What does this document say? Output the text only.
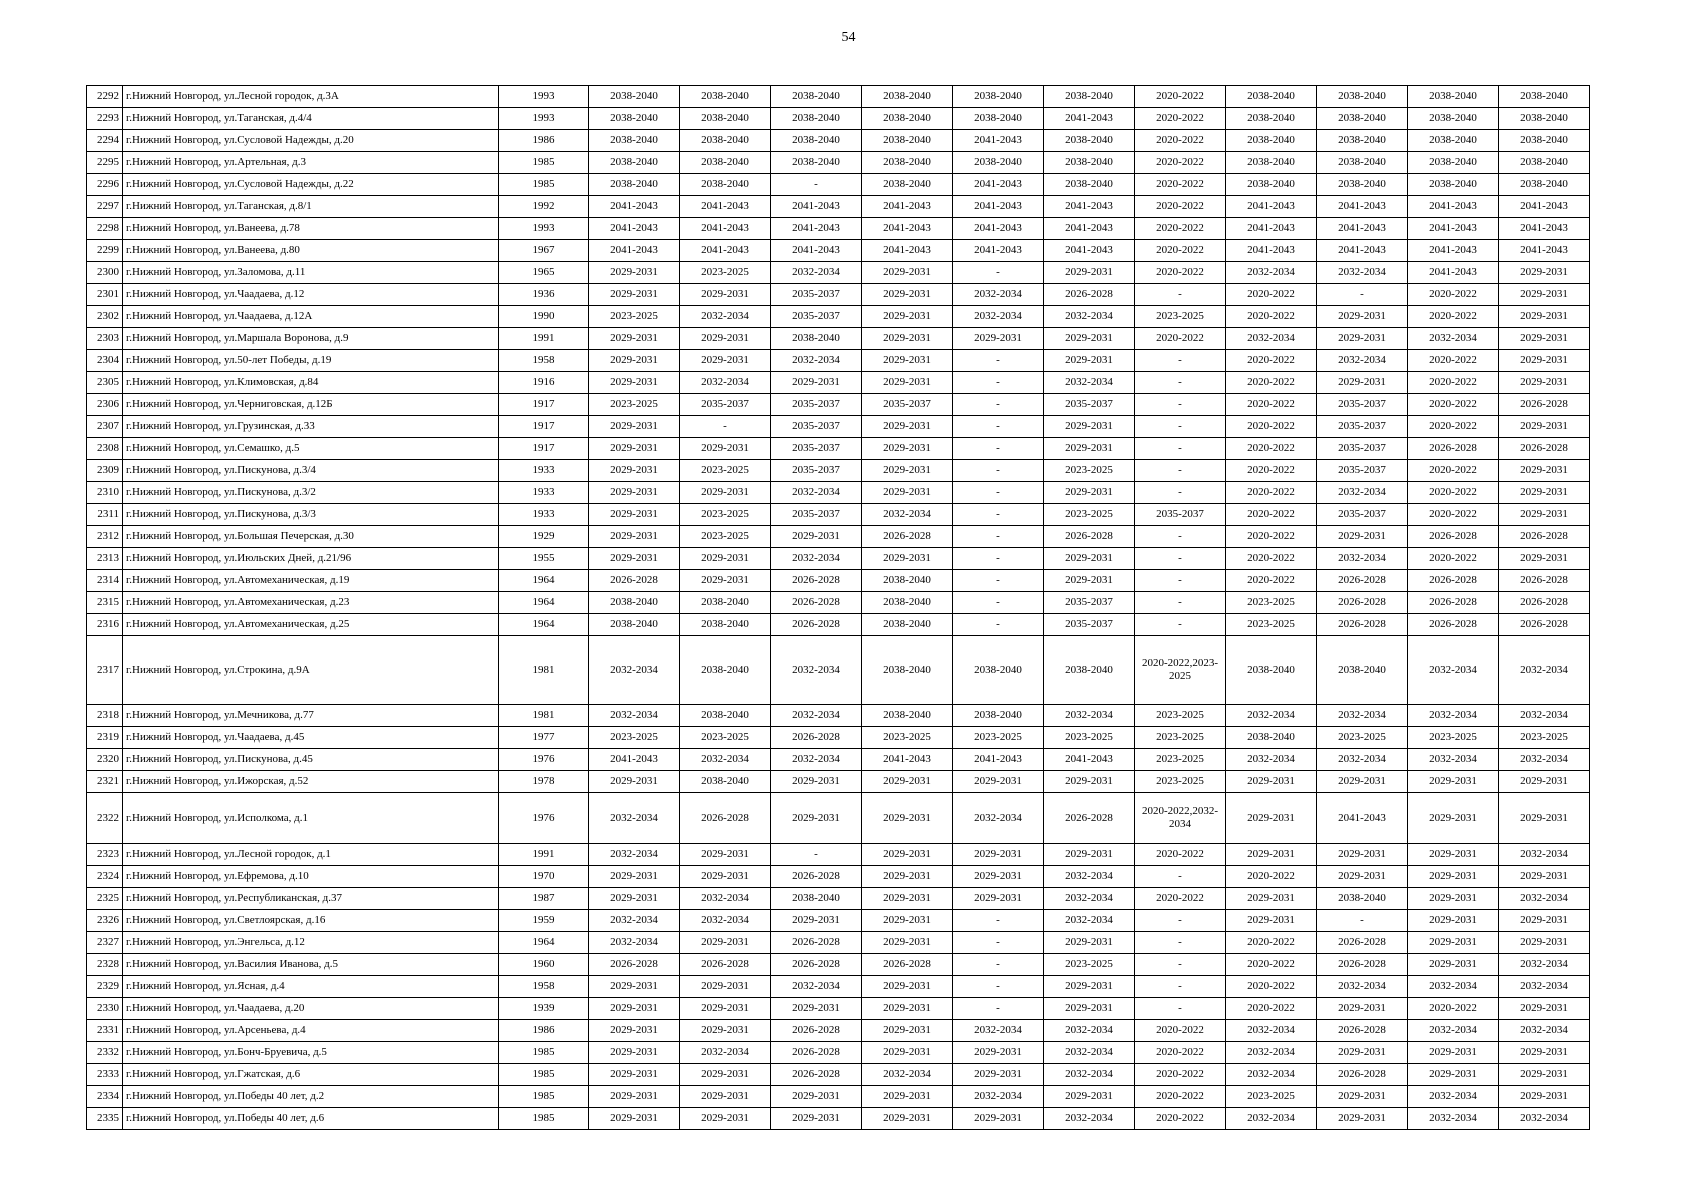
54
2292	г.Нижний Новгород, ул.Лесной городок, д.3А	1993	2038-2040	2038-2040	2038-2040	2038-2040	2038-2040	2038-2040	2020-2022	2038-2040	2038-2040	2038-2040	2038-2040
2293	г.Нижний Новгород, ул.Таганская, д.4/4	1993	2038-2040	2038-2040	2038-2040	2038-2040	2038-2040	2041-2043	2020-2022	2038-2040	2038-2040	2038-2040	2038-2040
2294	г.Нижний Новгород, ул.Сусловой Надежды, д.20	1986	2038-2040	2038-2040	2038-2040	2038-2040	2041-2043	2038-2040	2020-2022	2038-2040	2038-2040	2038-2040	2038-2040
2295	г.Нижний Новгород, ул.Артельная, д.3	1985	2038-2040	2038-2040	2038-2040	2038-2040	2038-2040	2038-2040	2020-2022	2038-2040	2038-2040	2038-2040	2038-2040
2296	г.Нижний Новгород, ул.Сусловой Надежды, д.22	1985	2038-2040	2038-2040	-	2038-2040	2041-2043	2038-2040	2020-2022	2038-2040	2038-2040	2038-2040	2038-2040
2297	г.Нижний Новгород, ул.Таганская, д.8/1	1992	2041-2043	2041-2043	2041-2043	2041-2043	2041-2043	2041-2043	2020-2022	2041-2043	2041-2043	2041-2043	2041-2043
2298	г.Нижний Новгород, ул.Ванеева, д.78	1993	2041-2043	2041-2043	2041-2043	2041-2043	2041-2043	2041-2043	2020-2022	2041-2043	2041-2043	2041-2043	2041-2043
2299	г.Нижний Новгород, ул.Ванеева, д.80	1967	2041-2043	2041-2043	2041-2043	2041-2043	2041-2043	2041-2043	2020-2022	2041-2043	2041-2043	2041-2043	2041-2043
2300	г.Нижний Новгород, ул.Заломова, д.11	1965	2029-2031	2023-2025	2032-2034	2029-2031	-	2029-2031	2020-2022	2032-2034	2032-2034	2041-2043	2029-2031
2301	г.Нижний Новгород, ул.Чаадаева, д.12	1936	2029-2031	2029-2031	2035-2037	2029-2031	2032-2034	2026-2028	-	2020-2022	-	2020-2022	2029-2031
2302	г.Нижний Новгород, ул.Чаадаева, д.12А	1990	2023-2025	2032-2034	2035-2037	2029-2031	2032-2034	2032-2034	2023-2025	2020-2022	2029-2031	2020-2022	2029-2031
2303	г.Нижний Новгород, ул.Маршала Воронова, д.9	1991	2029-2031	2029-2031	2038-2040	2029-2031	2029-2031	2029-2031	2020-2022	2032-2034	2029-2031	2032-2034	2029-2031
2304	г.Нижний Новгород, ул.50-лет Победы, д.19	1958	2029-2031	2029-2031	2032-2034	2029-2031	-	2029-2031	-	2020-2022	2032-2034	2020-2022	2029-2031
2305	г.Нижний Новгород, ул.Климовская, д.84	1916	2029-2031	2032-2034	2029-2031	2029-2031	-	2032-2034	-	2020-2022	2029-2031	2020-2022	2029-2031
2306	г.Нижний Новгород, ул.Черниговская, д.12Б	1917	2023-2025	2035-2037	2035-2037	2035-2037	-	2035-2037	-	2020-2022	2035-2037	2020-2022	2026-2028
2307	г.Нижний Новгород, ул.Грузинская, д.33	1917	2029-2031	-	2035-2037	2029-2031	-	2029-2031	-	2020-2022	2035-2037	2020-2022	2029-2031
2308	г.Нижний Новгород, ул.Семашко, д.5	1917	2029-2031	2029-2031	2035-2037	2029-2031	-	2029-2031	-	2020-2022	2035-2037	2026-2028	2026-2028
2309	г.Нижний Новгород, ул.Пискунова, д.3/4	1933	2029-2031	2023-2025	2035-2037	2029-2031	-	2023-2025	-	2020-2022	2035-2037	2020-2022	2029-2031
2310	г.Нижний Новгород, ул.Пискунова, д.3/2	1933	2029-2031	2029-2031	2032-2034	2029-2031	-	2029-2031	-	2020-2022	2032-2034	2020-2022	2029-2031
2311	г.Нижний Новгород, ул.Пискунова, д.3/3	1933	2029-2031	2023-2025	2035-2037	2032-2034	-	2023-2025	2035-2037	2020-2022	2035-2037	2020-2022	2029-2031
2312	г.Нижний Новгород, ул.Большая Печерская, д.30	1929	2029-2031	2023-2025	2029-2031	2026-2028	-	2026-2028	-	2020-2022	2029-2031	2026-2028	2026-2028
2313	г.Нижний Новгород, ул.Июльских Дней, д.21/96	1955	2029-2031	2029-2031	2032-2034	2029-2031	-	2029-2031	-	2020-2022	2032-2034	2020-2022	2029-2031
2314	г.Нижний Новгород, ул.Автомеханическая, д.19	1964	2026-2028	2029-2031	2026-2028	2038-2040	-	2029-2031	-	2020-2022	2026-2028	2026-2028	2026-2028
2315	г.Нижний Новгород, ул.Автомеханическая, д.23	1964	2038-2040	2038-2040	2026-2028	2038-2040	-	2035-2037	-	2023-2025	2026-2028	2026-2028	2026-2028
2316	г.Нижний Новгород, ул.Автомеханическая, д.25	1964	2038-2040	2038-2040	2026-2028	2038-2040	-	2035-2037	-	2023-2025	2026-2028	2026-2028	2026-2028
2317	г.Нижний Новгород, ул.Строкина, д.9А	1981	2032-2034	2038-2040	2032-2034	2038-2040	2038-2040	2038-2040	2020-2022,2023-2025	2038-2040	2038-2040	2032-2034	2032-2034
2318	г.Нижний Новгород, ул.Мечникова, д.77	1981	2032-2034	2038-2040	2032-2034	2038-2040	2038-2040	2032-2034	2023-2025	2032-2034	2032-2034	2032-2034	2032-2034
2319	г.Нижний Новгород, ул.Чаадаева, д.45	1977	2023-2025	2023-2025	2026-2028	2023-2025	2023-2025	2023-2025	2023-2025	2038-2040	2023-2025	2023-2025	2023-2025
2320	г.Нижний Новгород, ул.Пискунова, д.45	1976	2041-2043	2032-2034	2032-2034	2041-2043	2041-2043	2041-2043	2023-2025	2032-2034	2032-2034	2032-2034	2032-2034
2321	г.Нижний Новгород, ул.Ижорская, д.52	1978	2029-2031	2038-2040	2029-2031	2029-2031	2029-2031	2029-2031	2023-2025	2029-2031	2029-2031	2029-2031	2029-2031
2322	г.Нижний Новгород, ул.Исполкома, д.1	1976	2032-2034	2026-2028	2029-2031	2029-2031	2032-2034	2026-2028	2020-2022,2032-2034	2029-2031	2041-2043	2029-2031	2029-2031
2323	г.Нижний Новгород, ул.Лесной городок, д.1	1991	2032-2034	2029-2031	-	2029-2031	2029-2031	2029-2031	2020-2022	2029-2031	2029-2031	2029-2031	2032-2034
2324	г.Нижний Новгород, ул.Ефремова, д.10	1970	2029-2031	2029-2031	2026-2028	2029-2031	2029-2031	2032-2034	-	2020-2022	2029-2031	2029-2031	2029-2031
2325	г.Нижний Новгород, ул.Республиканская, д.37	1987	2029-2031	2032-2034	2038-2040	2029-2031	2029-2031	2032-2034	2020-2022	2029-2031	2038-2040	2029-2031	2032-2034
2326	г.Нижний Новгород, ул.Светлоярская, д.16	1959	2032-2034	2032-2034	2029-2031	2029-2031	-	2032-2034	-	2029-2031	-	2029-2031	2029-2031
2327	г.Нижний Новгород, ул.Энгельса, д.12	1964	2032-2034	2029-2031	2026-2028	2029-2031	-	2029-2031	-	2020-2022	2026-2028	2029-2031	2029-2031
2328	г.Нижний Новгород, ул.Василия Иванова, д.5	1960	2026-2028	2026-2028	2026-2028	2026-2028	-	2023-2025	-	2020-2022	2026-2028	2029-2031	2032-2034
2329	г.Нижний Новгород, ул.Ясная, д.4	1958	2029-2031	2029-2031	2032-2034	2029-2031	-	2029-2031	-	2020-2022	2032-2034	2032-2034	2032-2034
2330	г.Нижний Новгород, ул.Чаадаева, д.20	1939	2029-2031	2029-2031	2029-2031	2029-2031	-	2029-2031	-	2020-2022	2029-2031	2020-2022	2029-2031
2331	г.Нижний Новгород, ул.Арсеньева, д.4	1986	2029-2031	2029-2031	2026-2028	2029-2031	2032-2034	2032-2034	2020-2022	2032-2034	2026-2028	2032-2034	2032-2034
2332	г.Нижний Новгород, ул.Бонч-Бруевича, д.5	1985	2029-2031	2032-2034	2026-2028	2029-2031	2029-2031	2032-2034	2020-2022	2032-2034	2029-2031	2029-2031	2029-2031
2333	г.Нижний Новгород, ул.Гжатская, д.6	1985	2029-2031	2029-2031	2026-2028	2032-2034	2029-2031	2032-2034	2020-2022	2032-2034	2026-2028	2029-2031	2029-2031
2334	г.Нижний Новгород, ул.Победы 40 лет, д.2	1985	2029-2031	2029-2031	2029-2031	2029-2031	2032-2034	2029-2031	2020-2022	2023-2025	2029-2031	2032-2034	2029-2031
2335	г.Нижний Новгород, ул.Победы 40 лет, д.6	1985	2029-2031	2029-2031	2029-2031	2029-2031	2029-2031	2032-2034	2020-2022	2032-2034	2029-2031	2032-2034	2032-2034
